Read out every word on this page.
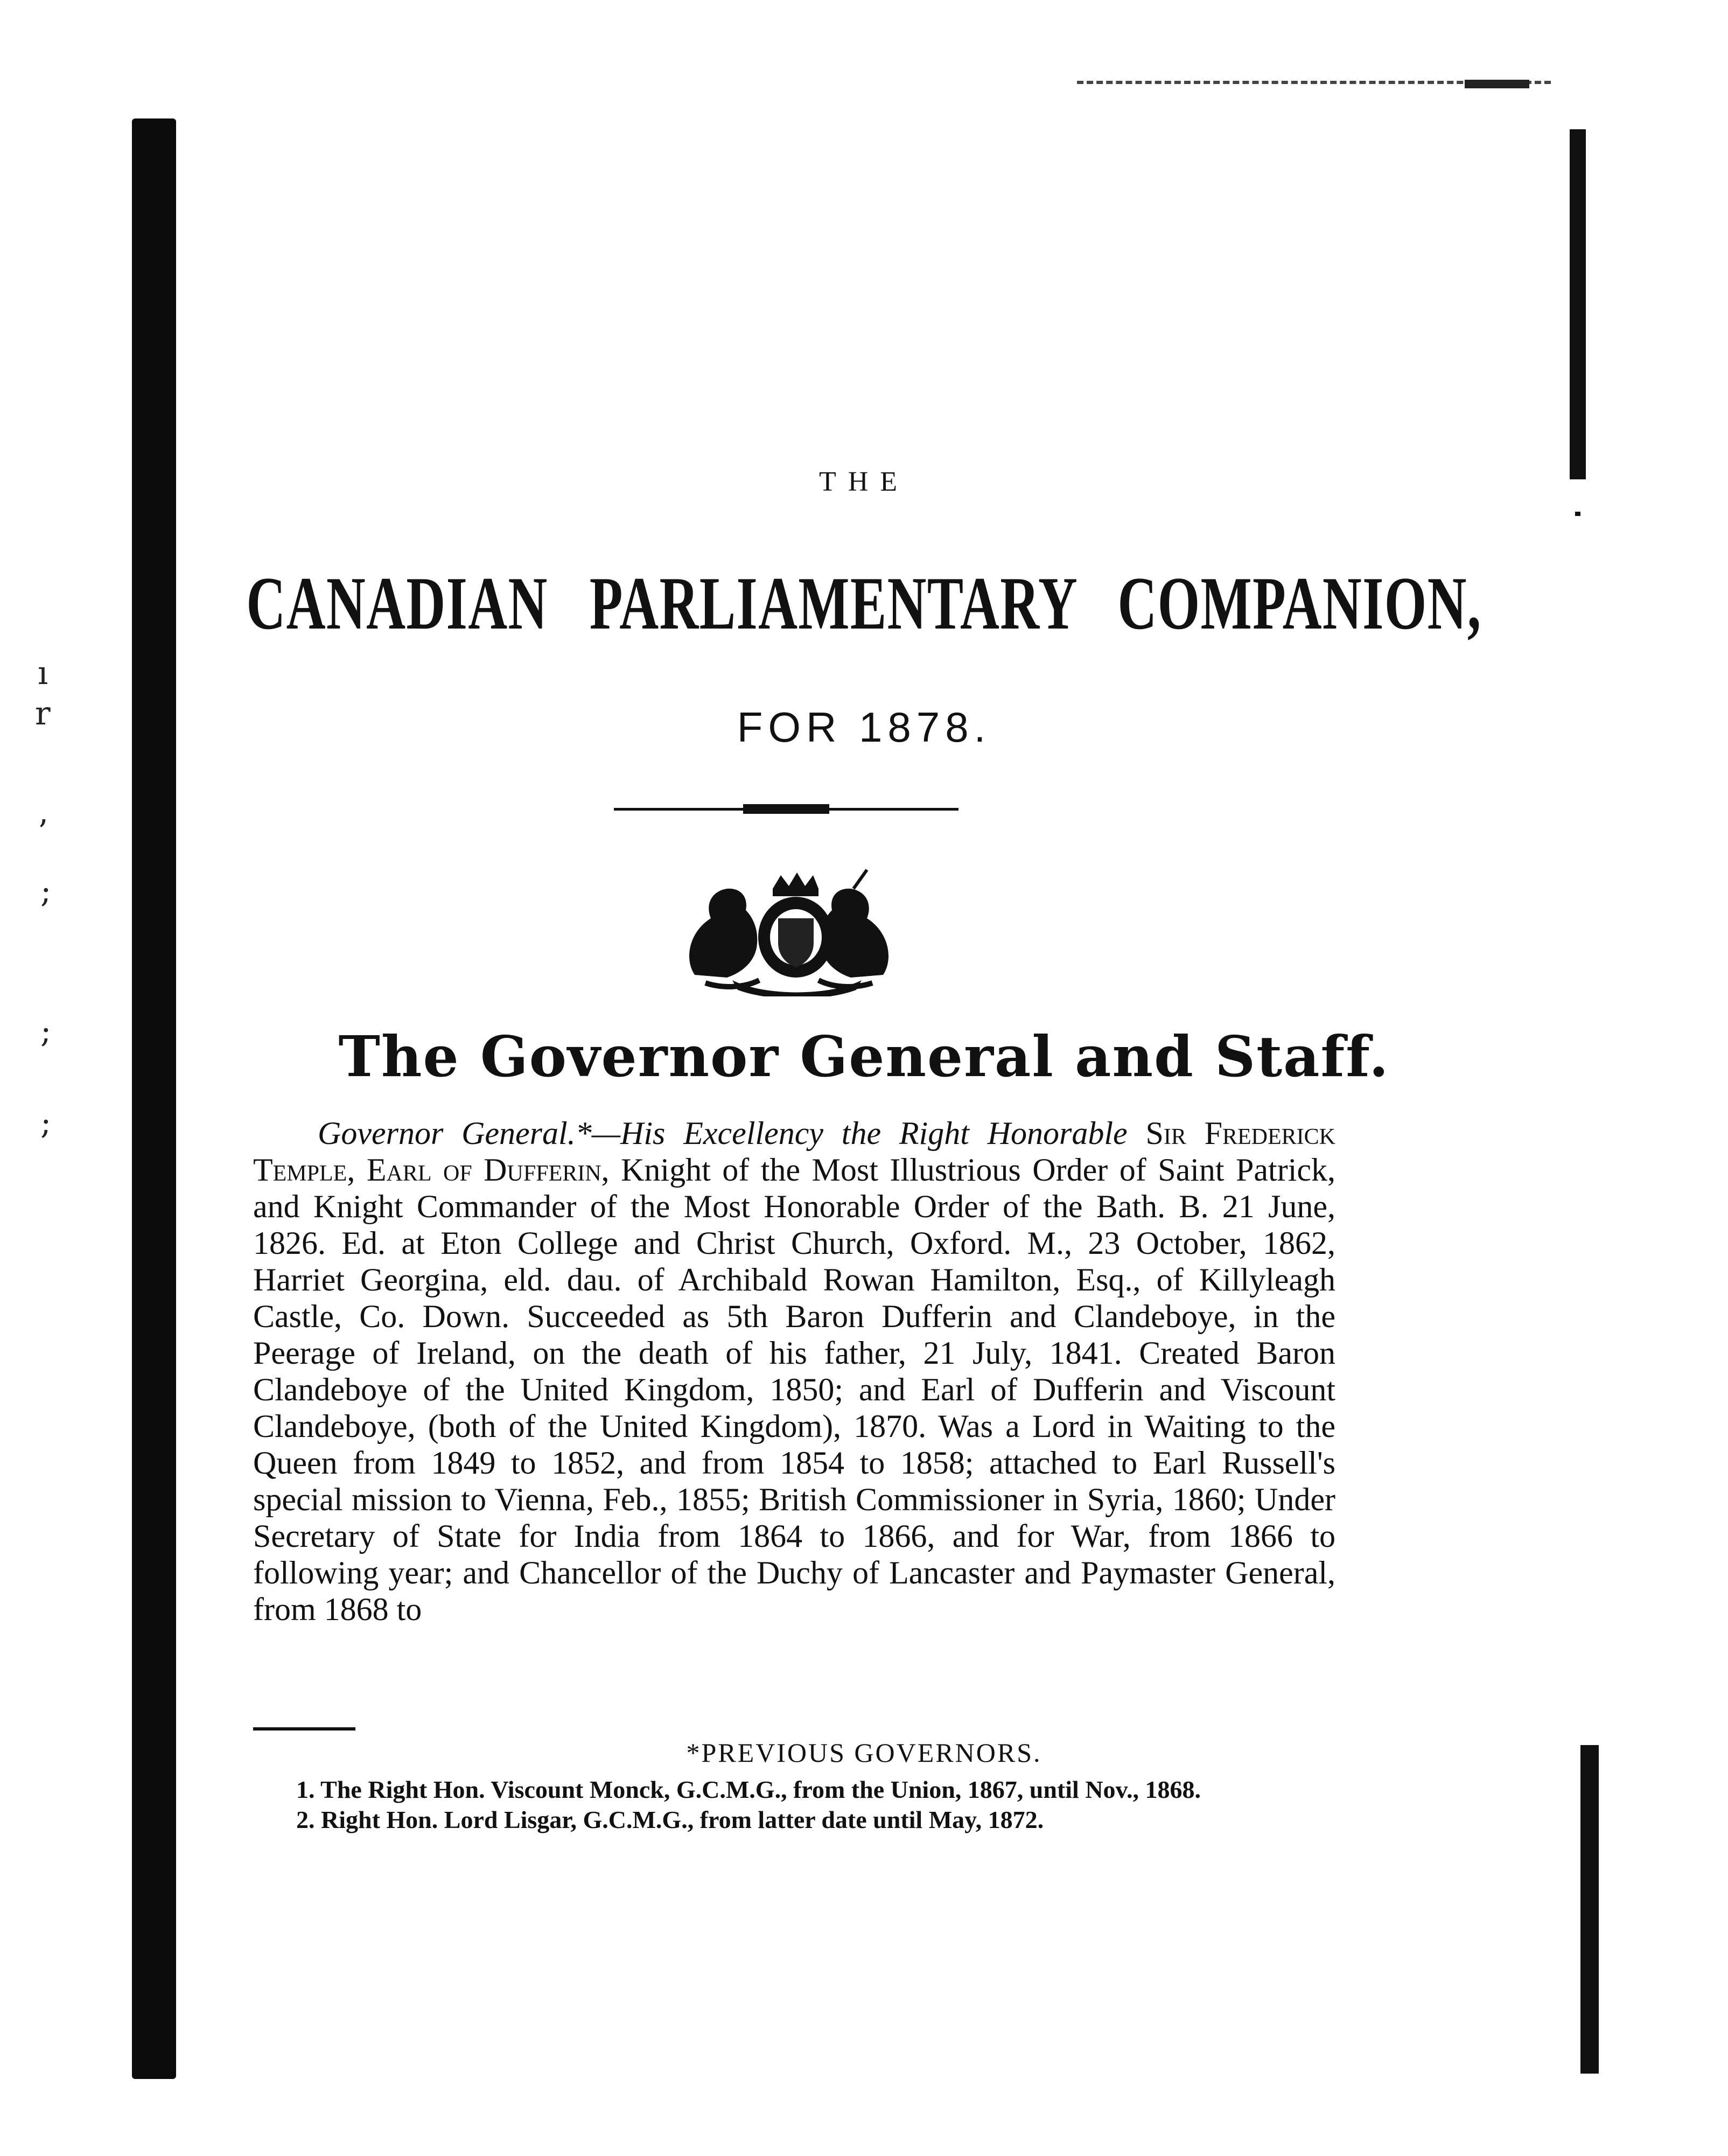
ı
r
’
;
;
;
THE
CANADIAN PARLIAMENTARY COMPANION,
FOR 1878.
The Governor General and Staff.
Governor General.*—His Excellency the Right Honorable Sir Frederick Temple, Earl of Dufferin, Knight of the Most Illustrious Order of Saint Patrick, and Knight Commander of the Most Honorable Order of the Bath. B. 21 June, 1826. Ed. at Eton College and Christ Church, Oxford. M., 23 October, 1862, Harriet Georgina, eld. dau. of Archibald Rowan Hamilton, Esq., of Killyleagh Castle, Co. Down. Succeeded as 5th Baron Dufferin and Clandeboye, in the Peerage of Ireland, on the death of his father, 21 July, 1841. Created Baron Clandeboye of the United Kingdom, 1850; and Earl of Dufferin and Viscount Clandeboye, (both of the United Kingdom), 1870. Was a Lord in Waiting to the Queen from 1849 to 1852, and from 1854 to 1858; attached to Earl Russell's special mission to Vienna, Feb., 1855; British Commissioner in Syria, 1860; Under Secretary of State for India from 1864 to 1866, and for War, from 1866 to following year; and Chancellor of the Duchy of Lancaster and Paymaster General, from 1868 to
*PREVIOUS GOVERNORS.
1. The Right Hon. Viscount Monck, G.C.M.G., from the Union, 1867, until Nov., 1868.
2. Right Hon. Lord Lisgar, G.C.M.G., from latter date until May, 1872.
